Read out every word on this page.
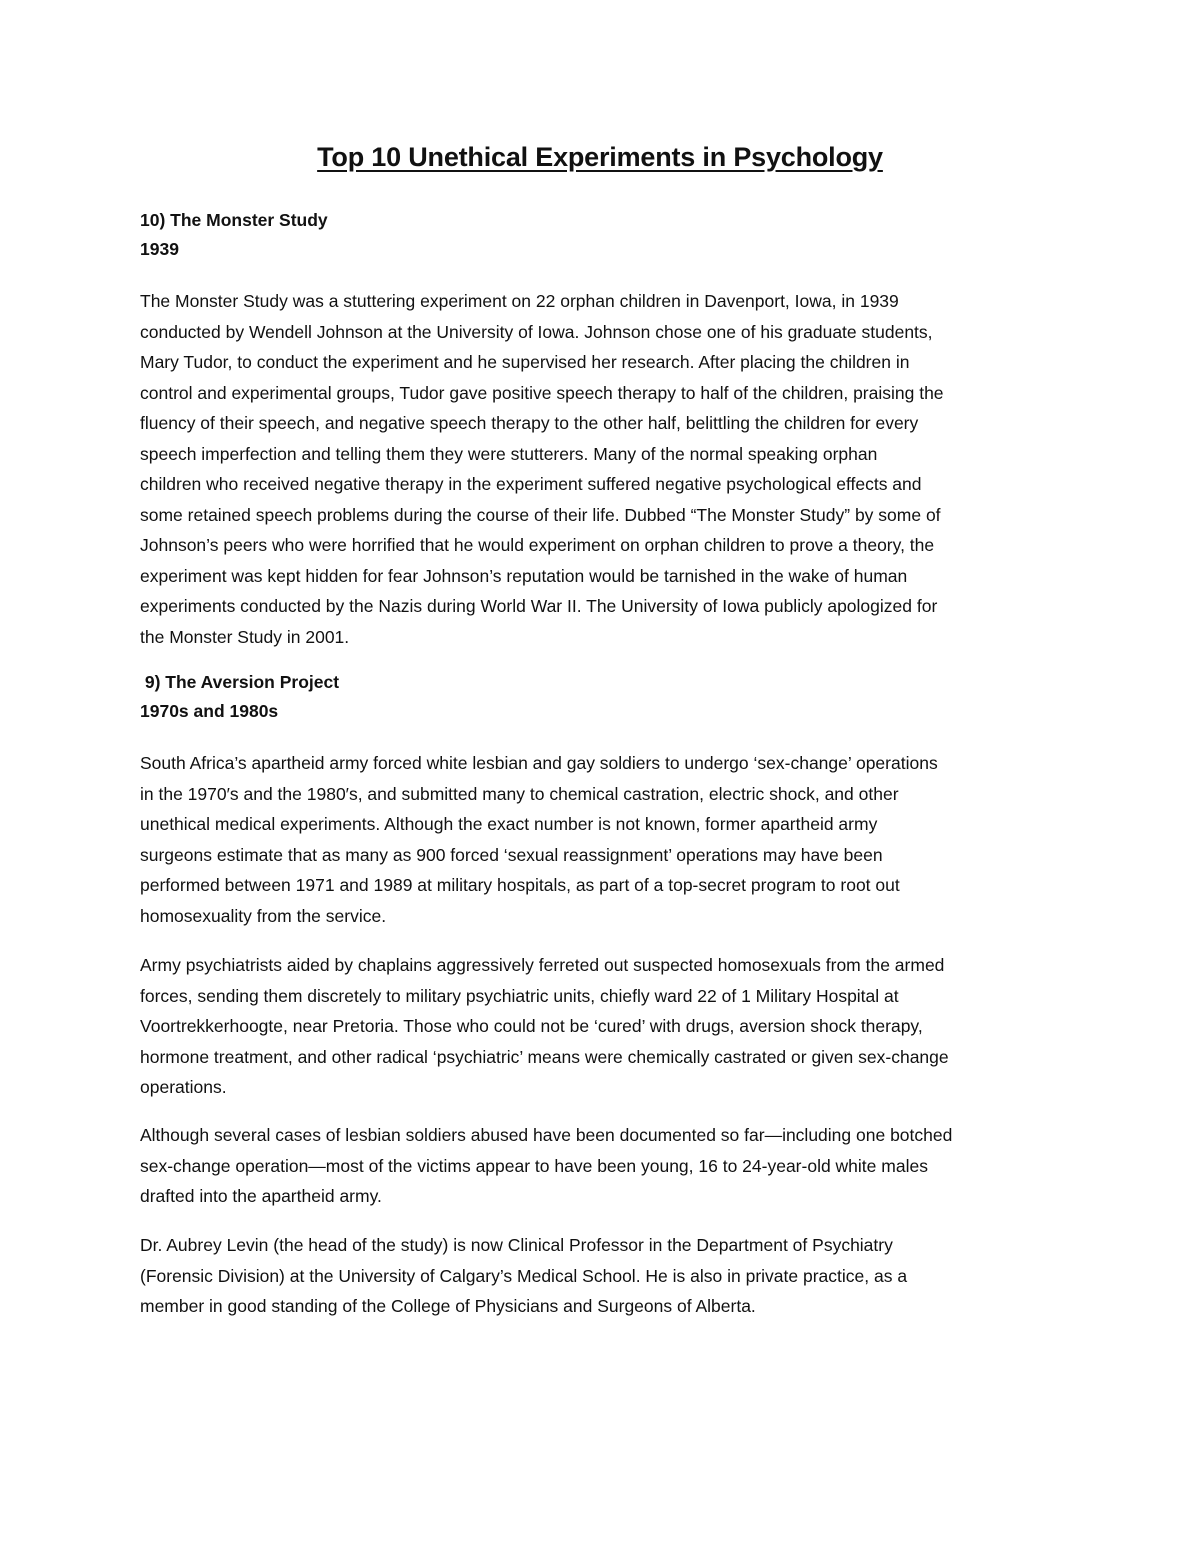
Top 10 Unethical Experiments in Psychology

10) The Monster Study

1939

The Monster Study was a stuttering experiment on 22 orphan children in Davenport, Iowa, in 1939
conducted by Wendell Johnson at the University of Iowa. Johnson chose one of his graduate students,
Mary Tudor, to conduct the experiment and he supervised her research. After placing the children in
control and experimental groups, Tudor gave positive speech therapy to half of the children, praising the
fluency of their speech, and negative speech therapy to the other half, belittling the children for every
speech imperfection and telling them they were stutterers. Many of the normal speaking orphan
children who received negative therapy in the experiment suffered negative psychological effects and
some retained speech problems during the course of their life. Dubbed “The Monster Study” by some of
Johnson’s peers who were horrified that he would experiment on orphan children to prove a theory, the
experiment was kept hidden for fear Johnson’s reputation would be tarnished in the wake of human
experiments conducted by the Nazis during World War II. The University of Iowa publicly apologized for
the Monster Study in 2001.

9) The Aversion Project

1970s and 1980s

South Africa’s apartheid army forced white lesbian and gay soldiers to undergo ‘sex-change’ operations
in the 1970′s and the 1980′s, and submitted many to chemical castration, electric shock, and other
unethical medical experiments. Although the exact number is not known, former apartheid army
surgeons estimate that as many as 900 forced ‘sexual reassignment’ operations may have been
performed between 1971 and 1989 at military hospitals, as part of a top-secret program to root out
homosexuality from the service.

Army psychiatrists aided by chaplains aggressively ferreted out suspected homosexuals from the armed
forces, sending them discretely to military psychiatric units, chiefly ward 22 of 1 Military Hospital at
Voortrekkerhoogte, near Pretoria. Those who could not be ‘cured’ with drugs, aversion shock therapy,
hormone treatment, and other radical ‘psychiatric’ means were chemically castrated or given sex-change
operations.

Although several cases of lesbian soldiers abused have been documented so far—including one botched
sex-change operation—most of the victims appear to have been young, 16 to 24-year-old white males
drafted into the apartheid army.

Dr. Aubrey Levin (the head of the study) is now Clinical Professor in the Department of Psychiatry
(Forensic Division) at the University of Calgary’s Medical School. He is also in private practice, as a
member in good standing of the College of Physicians and Surgeons of Alberta.
